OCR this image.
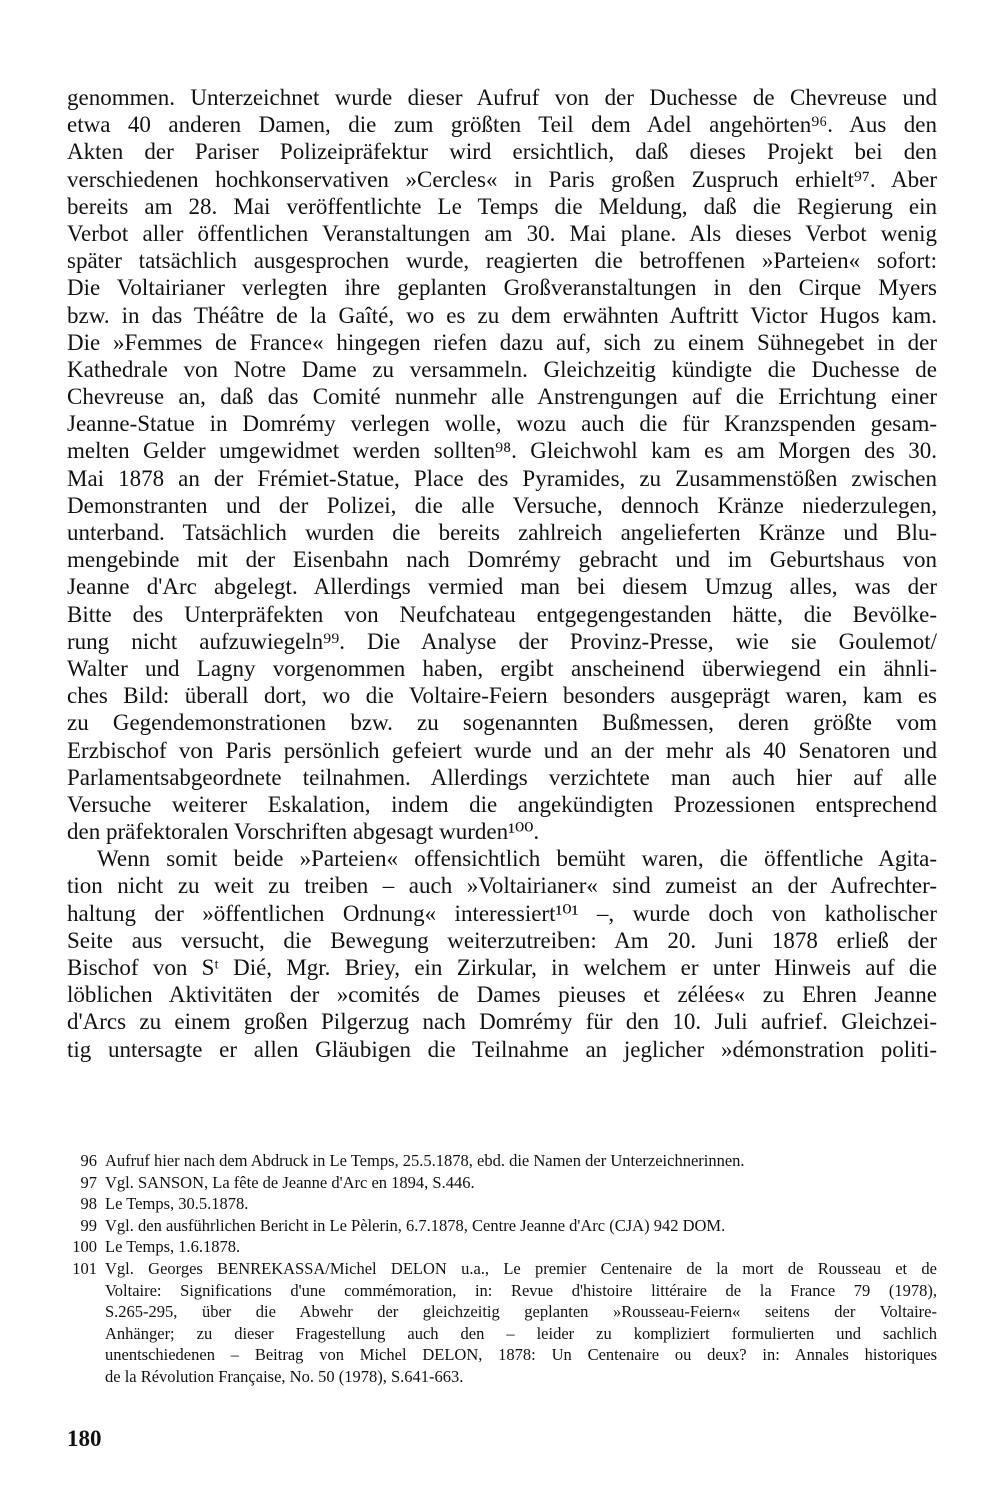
genommen. Unterzeichnet wurde dieser Aufruf von der Duchesse de Chevreuse und
etwa 40 anderen Damen, die zum größten Teil dem Adel angehörten⁹⁶. Aus den
Akten der Pariser Polizeipräfektur wird ersichtlich, daß dieses Projekt bei den
verschiedenen hochkonservativen »Cercles« in Paris großen Zuspruch erhielt⁹⁷. Aber
bereits am 28. Mai veröffentlichte Le Temps die Meldung, daß die Regierung ein
Verbot aller öffentlichen Veranstaltungen am 30. Mai plane. Als dieses Verbot wenig
später tatsächlich ausgesprochen wurde, reagierten die betroffenen »Parteien« sofort:
Die Voltairianer verlegten ihre geplanten Großveranstaltungen in den Cirque Myers
bzw. in das Théâtre de la Gaîté, wo es zu dem erwähnten Auftritt Victor Hugos kam.
Die »Femmes de France« hingegen riefen dazu auf, sich zu einem Sühnegebet in der
Kathedrale von Notre Dame zu versammeln. Gleichzeitig kündigte die Duchesse de
Chevreuse an, daß das Comité nunmehr alle Anstrengungen auf die Errichtung einer
Jeanne-Statue in Domrémy verlegen wolle, wozu auch die für Kranzspenden gesam-
melten Gelder umgewidmet werden sollten⁹⁸. Gleichwohl kam es am Morgen des 30.
Mai 1878 an der Frémiet-Statue, Place des Pyramides, zu Zusammenstößen zwischen
Demonstranten und der Polizei, die alle Versuche, dennoch Kränze niederzulegen,
unterband. Tatsächlich wurden die bereits zahlreich angelieferten Kränze und Blu-
mengebinde mit der Eisenbahn nach Domrémy gebracht und im Geburtshaus von
Jeanne d'Arc abgelegt. Allerdings vermied man bei diesem Umzug alles, was der
Bitte des Unterpräfekten von Neufchateau entgegengestanden hätte, die Bevölke-
rung nicht aufzuwiegeln⁹⁹. Die Analyse der Provinz-Presse, wie sie Goulemot/
Walter und Lagny vorgenommen haben, ergibt anscheinend überwiegend ein ähnli-
ches Bild: überall dort, wo die Voltaire-Feiern besonders ausgeprägt waren, kam es
zu Gegendemonstrationen bzw. zu sogenannten Bußmessen, deren größte vom
Erzbischof von Paris persönlich gefeiert wurde und an der mehr als 40 Senatoren und
Parlamentsabgeordnete teilnahmen. Allerdings verzichtete man auch hier auf alle
Versuche weiterer Eskalation, indem die angekündigten Prozessionen entsprechend
den präfektoralen Vorschriften abgesagt wurden¹⁰⁰.
Wenn somit beide »Parteien« offensichtlich bemüht waren, die öffentliche Agita-
tion nicht zu weit zu treiben – auch »Voltairianer« sind zumeist an der Aufrechter-
haltung der »öffentlichen Ordnung« interessiert¹⁰¹ –, wurde doch von katholischer
Seite aus versucht, die Bewegung weiterzutreiben: Am 20. Juni 1878 erließ der
Bischof von Sᵗ Dié, Mgr. Briey, ein Zirkular, in welchem er unter Hinweis auf die
löblichen Aktivitäten der »comités de Dames pieuses et zélées« zu Ehren Jeanne
d'Arcs zu einem großen Pilgerzug nach Domrémy für den 10. Juli aufrief. Gleichzei-
tig untersagte er allen Gläubigen die Teilnahme an jeglicher »démonstration politi-
96 Aufruf hier nach dem Abdruck in Le Temps, 25.5.1878, ebd. die Namen der Unterzeichnerinnen.
97 Vgl. SANSON, La fête de Jeanne d'Arc en 1894, S.446.
98 Le Temps, 30.5.1878.
99 Vgl. den ausführlichen Bericht in Le Pèlerin, 6.7.1878, Centre Jeanne d'Arc (CJA) 942 DOM.
100 Le Temps, 1.6.1878.
101 Vgl. Georges BENREKASSA/Michel DELON u.a., Le premier Centenaire de la mort de Rousseau et de
Voltaire: Significations d'une commémoration, in: Revue d'histoire littéraire de la France 79 (1978),
S.265-295, über die Abwehr der gleichzeitig geplanten »Rousseau-Feiern« seitens der Voltaire-
Anhänger; zu dieser Fragestellung auch den – leider zu kompliziert formulierten und sachlich
unentschiedenen – Beitrag von Michel DELON, 1878: Un Centenaire ou deux? in: Annales historiques
de la Révolution Française, No. 50 (1978), S.641-663.
180
